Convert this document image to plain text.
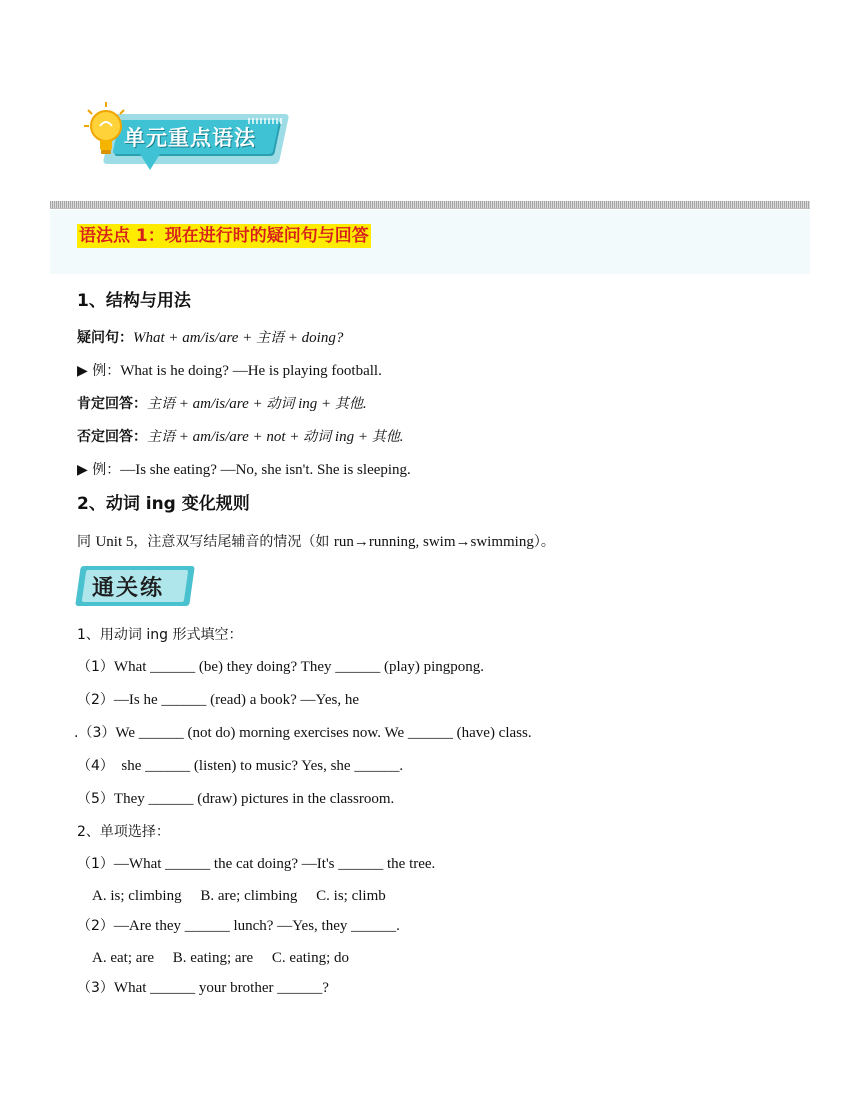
单元重点语法
语法点 1：现在进行时的疑问句与回答
1、结构与用法
疑问句：What + am/is/are + 主语 + doing?
▶ 例：What is he doing? —He is playing football.
肯定回答：主语 + am/is/are + 动词 ing + 其他.
否定回答：主语 + am/is/are + not + 动词 ing + 其他.
▶ 例：—Is she eating? —No, she isn't. She is sleeping.
2、动词 ing 变化规则
同 Unit 5，注意双写结尾辅音的情况（如 run→running, swim→swimming）。
通关练
1、用动词 ing 形式填空：
（1）What ______ (be) they doing? They ______ (play) pingpong.
（2）—Is he ______ (read) a book? —Yes, he
.（3）We ______ (not do) morning exercises now. We ______ (have) class.
（4）  she ______ (listen) to music? Yes, she ______.
（5）They ______ (draw) pictures in the classroom.
2、单项选择：
（1）—What ______ the cat doing? —It's ______ the tree.
A. is; climbing     B. are; climbing     C. is; climb
（2）—Are they ______ lunch? —Yes, they ______.
A. eat; are     B. eating; are     C. eating; do
（3）What ______ your brother ______?
